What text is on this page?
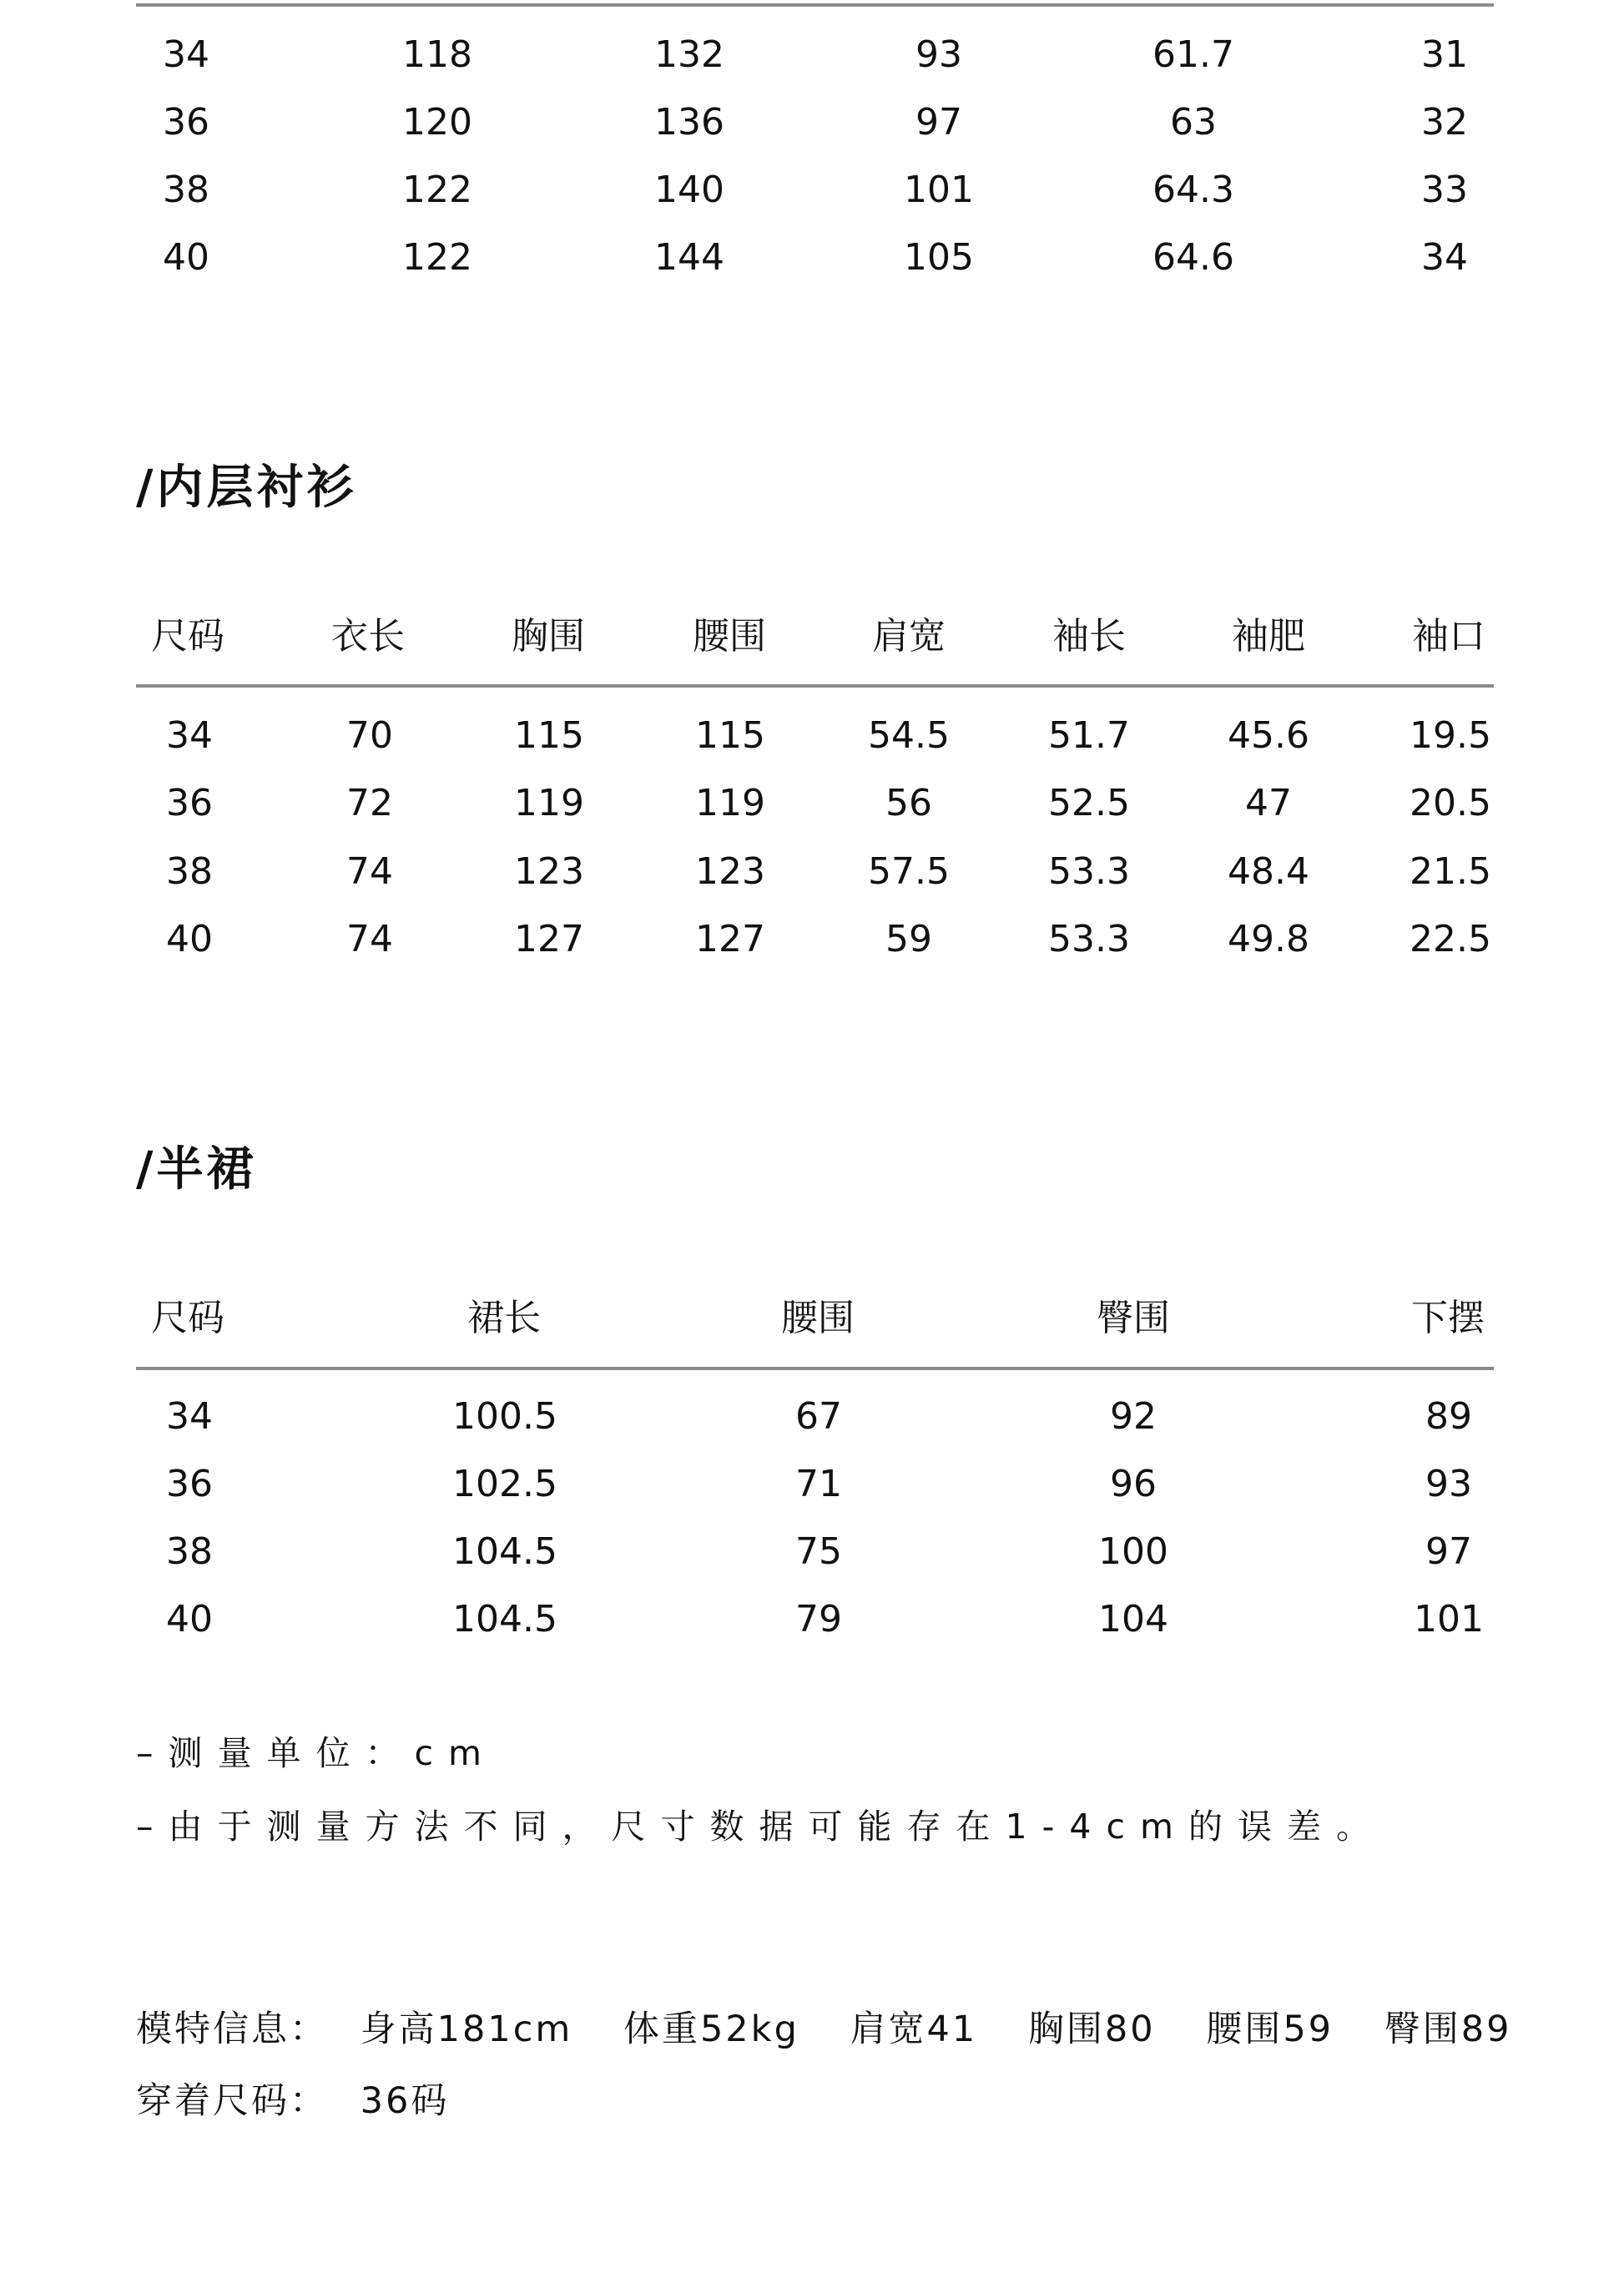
34	118	132	93	61.7	31
36	120	136	97	63	32
38	122	140	101	64.3	33
40	122	144	105	64.6	34
/内层衬衫
尺码	衣长	胸围	腰围	肩宽	袖长	袖肥	袖口
34	70	115	115	54.5	51.7	45.6	19.5
36	72	119	119	56	52.5	47	20.5
38	74	123	123	57.5	53.3	48.4	21.5
40	74	127	127	59	53.3	49.8	22.5
/半裙
尺码	裙长	腰围	臀围	下摆
34	100.5	67	92	89
36	102.5	71	96	93
38	104.5	75	100	97
40	104.5	79	104	101
–测量单位：cm
–由于测量方法不同，尺寸数据可能存在1-4cm的误差。
模特信息： 身高181cm 体重52kg 肩宽41 胸围80 腰围59 臀围89
穿着尺码： 36码
